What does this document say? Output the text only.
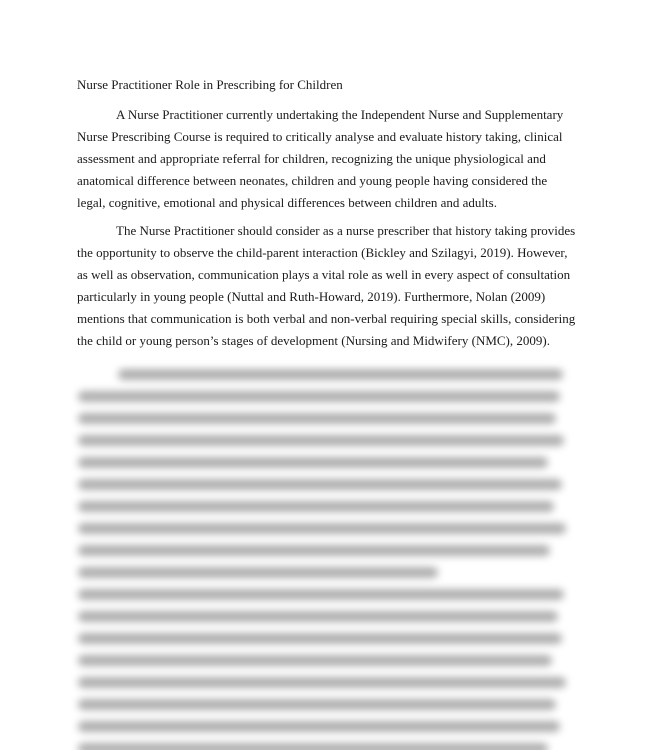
Nurse Practitioner Role in Prescribing for Children

A Nurse Practitioner currently undertaking the Independent Nurse and Supplementary Nurse Prescribing Course is required to critically analyse and evaluate history taking, clinical assessment and appropriate referral for children, recognizing the unique physiological and anatomical difference between neonates, children and young people having considered the legal, cognitive, emotional and physical differences between children and adults.

The Nurse Practitioner should consider as a nurse prescriber that history taking provides the opportunity to observe the child-parent interaction (Bickley and Szilagyi, 2019). However, as well as observation, communication plays a vital role as well in every aspect of consultation particularly in young people (Nuttal and Ruth-Howard, 2019). Furthermore, Nolan (2009) mentions that communication is both verbal and non-verbal requiring special skills, considering the child or young person’s stages of development (Nursing and Midwifery (NMC), 2009).
